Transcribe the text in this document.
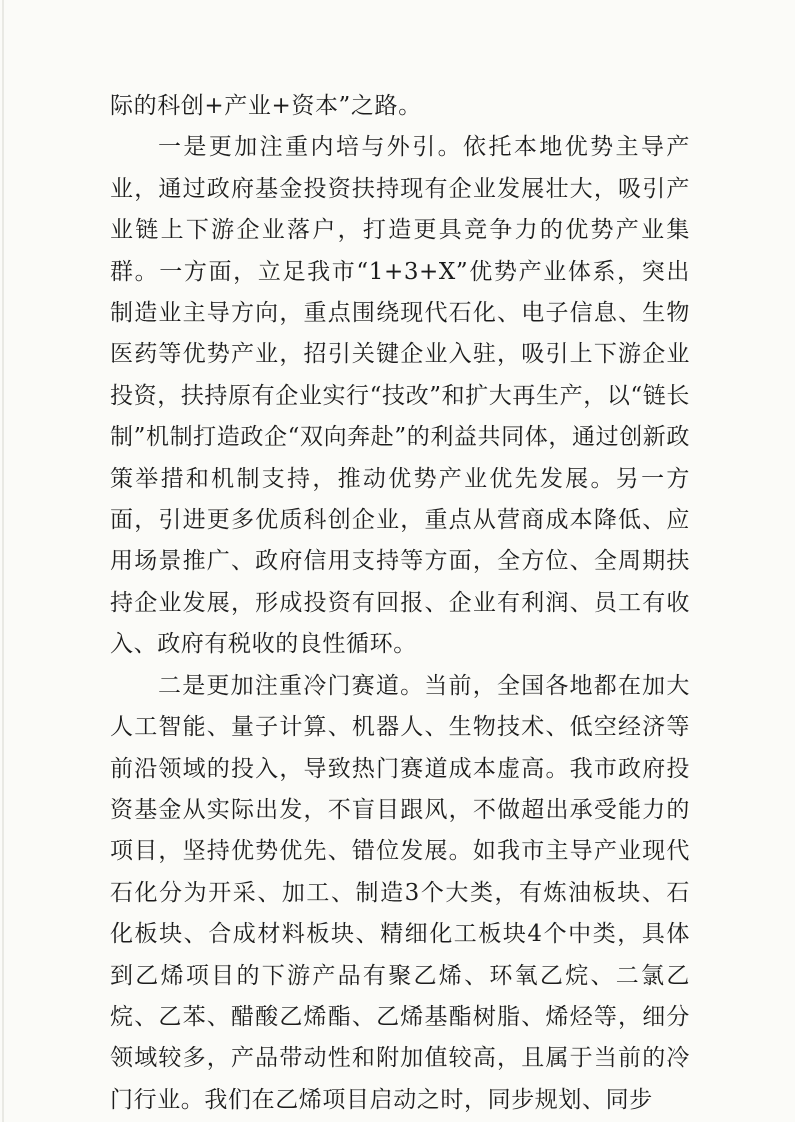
际的科创+产业+资本”之路。

一是更加注重内培与外引。依托本地优势主导产业，通过政府基金投资扶持现有企业发展壮大，吸引产业链上下游企业落户，打造更具竞争力的优势产业集群。一方面，立足我市“1+3+X”优势产业体系，突出制造业主导方向，重点围绕现代石化、电子信息、生物医药等优势产业，招引关键企业入驻，吸引上下游企业投资，扶持原有企业实行“技改”和扩大再生产，以“链长制”机制打造政企“双向奔赴”的利益共同体，通过创新政策举措和机制支持，推动优势产业优先发展。另一方面，引进更多优质科创企业，重点从营商成本降低、应用场景推广、政府信用支持等方面，全方位、全周期扶持企业发展，形成投资有回报、企业有利润、员工有收入、政府有税收的良性循环。

二是更加注重冷门赛道。当前，全国各地都在加大人工智能、量子计算、机器人、生物技术、低空经济等前沿领域的投入，导致热门赛道成本虚高。我市政府投资基金从实际出发，不盲目跟风，不做超出承受能力的项目，坚持优势优先、错位发展。如我市主导产业现代石化分为开采、加工、制造3个大类，有炼油板块、石化板块、合成材料板块、精细化工板块4个中类，具体到乙烯项目的下游产品有聚乙烯、环氧乙烷、二氯乙烷、乙苯、醋酸乙烯酯、乙烯基酯树脂、烯烃等，细分领域较多，产品带动性和附加值较高，且属于当前的冷门行业。我们在乙烯项目启动之时，同步规划、同步
